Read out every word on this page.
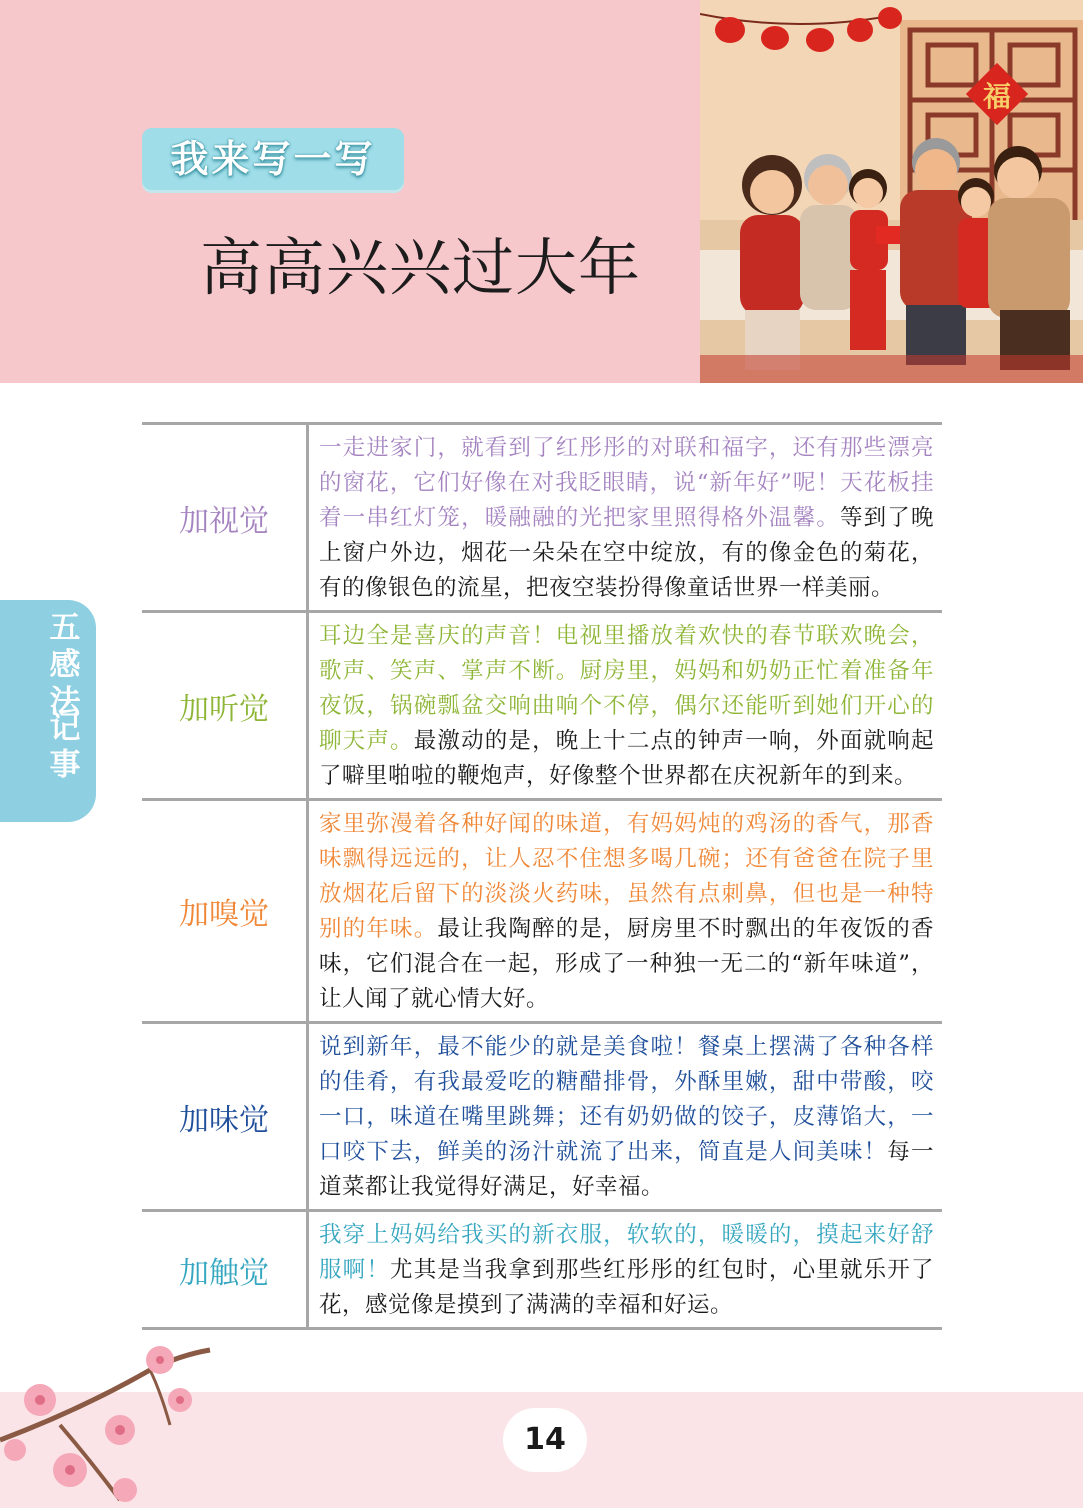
我来写一写
高高兴兴过大年
福
五感法
记事
加视觉
一走进家门，就看到了红彤彤的对联和福字，还有那些漂亮的窗花，它们好像在对我眨眼睛，说“新年好”呢！天花板挂着一串红灯笼，暖融融的光把家里照得格外温馨。等到了晚上窗户外边，烟花一朵朵在空中绽放，有的像金色的菊花，有的像银色的流星，把夜空装扮得像童话世界一样美丽。
加听觉
耳边全是喜庆的声音！电视里播放着欢快的春节联欢晚会，歌声、笑声、掌声不断。厨房里，妈妈和奶奶正忙着准备年夜饭，锅碗瓢盆交响曲响个不停，偶尔还能听到她们开心的聊天声。最激动的是，晚上十二点的钟声一响，外面就响起了噼里啪啦的鞭炮声，好像整个世界都在庆祝新年的到来。
加嗅觉
家里弥漫着各种好闻的味道，有妈妈炖的鸡汤的香气，那香味飘得远远的，让人忍不住想多喝几碗；还有爸爸在院子里放烟花后留下的淡淡火药味，虽然有点刺鼻，但也是一种特别的年味。最让我陶醉的是，厨房里不时飘出的年夜饭的香味，它们混合在一起，形成了一种独一无二的“新年味道”，让人闻了就心情大好。
加味觉
说到新年，最不能少的就是美食啦！餐桌上摆满了各种各样的佳肴，有我最爱吃的糖醋排骨，外酥里嫩，甜中带酸，咬一口，味道在嘴里跳舞；还有奶奶做的饺子，皮薄馅大，一口咬下去，鲜美的汤汁就流了出来，简直是人间美味！每一道菜都让我觉得好满足，好幸福。
加触觉
我穿上妈妈给我买的新衣服，软软的，暖暖的，摸起来好舒服啊！尤其是当我拿到那些红彤彤的红包时，心里就乐开了花，感觉像是摸到了满满的幸福和好运。
14
